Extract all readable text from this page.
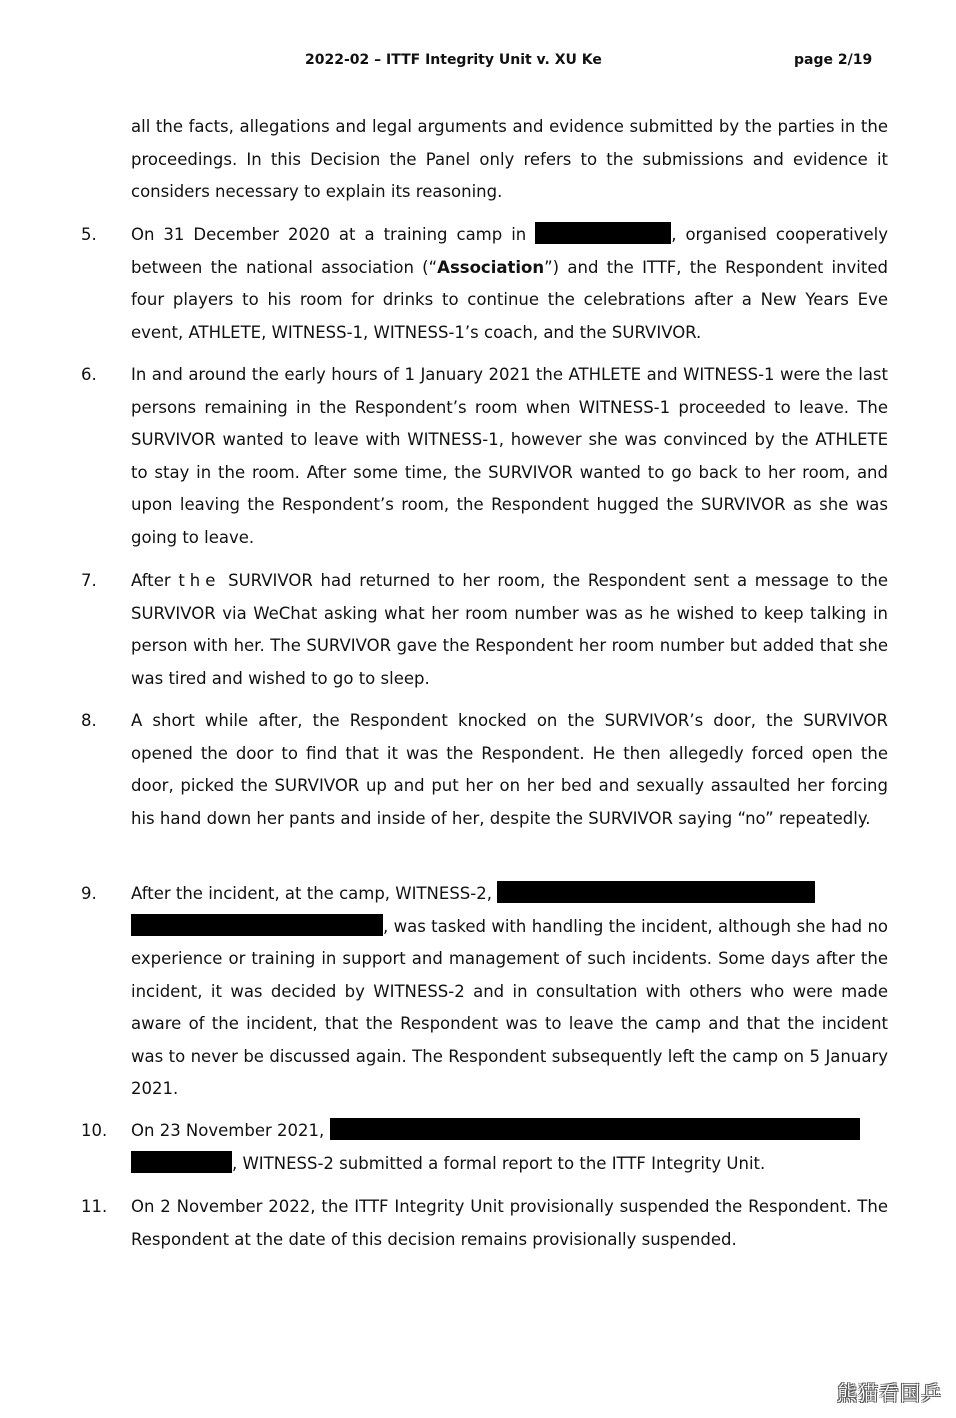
2022-02 – ITTF Integrity Unit v. XU Ke	page 2/19
all the facts, allegations and legal arguments and evidence submitted by the parties in the proceedings. In this Decision the Panel only refers to the submissions and evidence it considers necessary to explain its reasoning.
5. On 31 December 2020 at a training camp in	, organised cooperatively between the national association (“Association”) and the ITTF, the Respondent invited four players to his room for drinks to continue the celebrations after a New Years Eve event, ATHLETE, WITNESS-1, WITNESS-1’s coach, and the SURVIVOR.
6. In and around the early hours of 1 January 2021 the ATHLETE and WITNESS-1 were the last persons remaining in the Respondent’s room when WITNESS-1 proceeded to leave. The SURVIVOR wanted to leave with WITNESS-1, however she was convinced by the ATHLETE to stay in the room. After some time, the SURVIVOR wanted to go back to her room, and upon leaving the Respondent’s room, the Respondent hugged the SURVIVOR as she was going to leave.
7. After the SURVIVOR had returned to her room, the Respondent sent a message to the SURVIVOR via WeChat asking what her room number was as he wished to keep talking in person with her. The SURVIVOR gave the Respondent her room number but added that she was tired and wished to go to sleep.
8. A short while after, the Respondent knocked on the SURVIVOR’s door, the SURVIVOR opened the door to find that it was the Respondent. He then allegedly forced open the door, picked the SURVIVOR up and put her on her bed and sexually assaulted her forcing his hand down her pants and inside of her, despite the SURVIVOR saying “no” repeatedly.
9. After the incident, at the camp, WITNESS-2,
, was tasked with handling the incident, although she had no experience or training in support and management of such incidents. Some days after the incident, it was decided by WITNESS-2 and in consultation with others who were made aware of the incident, that the Respondent was to leave the camp and that the incident was to never be discussed again. The Respondent subsequently left the camp on 5 January 2021.
10. On 23 November 2021,
, WITNESS-2 submitted a formal report to the ITTF Integrity Unit.
11. On 2 November 2022, the ITTF Integrity Unit provisionally suspended the Respondent. The Respondent at the date of this decision remains provisionally suspended.
熊猫看国乒
